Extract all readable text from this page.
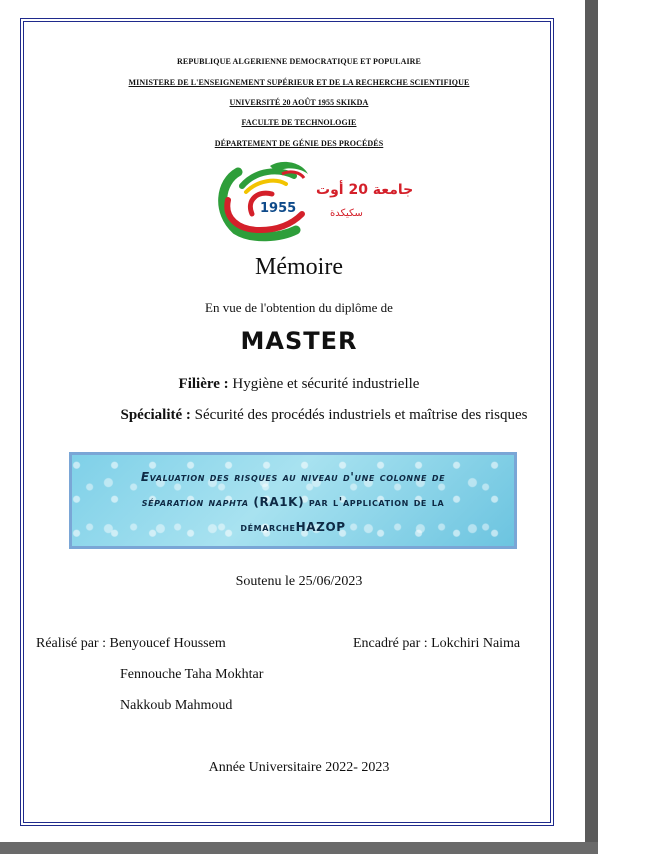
REPUBLIQUE ALGERIENNE DEMOCRATIQUE ET POPULAIRE
MINISTERE DE L'ENSEIGNEMENT SUPÉRIEUR ET DE LA RECHERCHE SCIENTIFIQUE
UNIVERSITÉ 20 AOÛT 1955 SKIKDA
FACULTE DE TECHNOLOGIE
DÉPARTEMENT DE GÉNIE DES PROCÉDÉS
1955
جامعة 20 أوت
سكيكدة
Mémoire
En vue de l'obtention du diplôme de
MASTER
Filière : Hygiène et sécurité industrielle
Spécialité : Sécurité des procédés industriels et maîtrise des risques
Evaluation des risques au niveau d'une colonne de
séparation naphta (RA1K) par l'application de la
démarcheHAZOP
Soutenu le 25/06/2023
Réalisé par : Benyoucef Houssem	Encadré par : Lokchiri Naima
Fennouche Taha Mokhtar
Nakkoub Mahmoud
Année Universitaire 2022- 2023
